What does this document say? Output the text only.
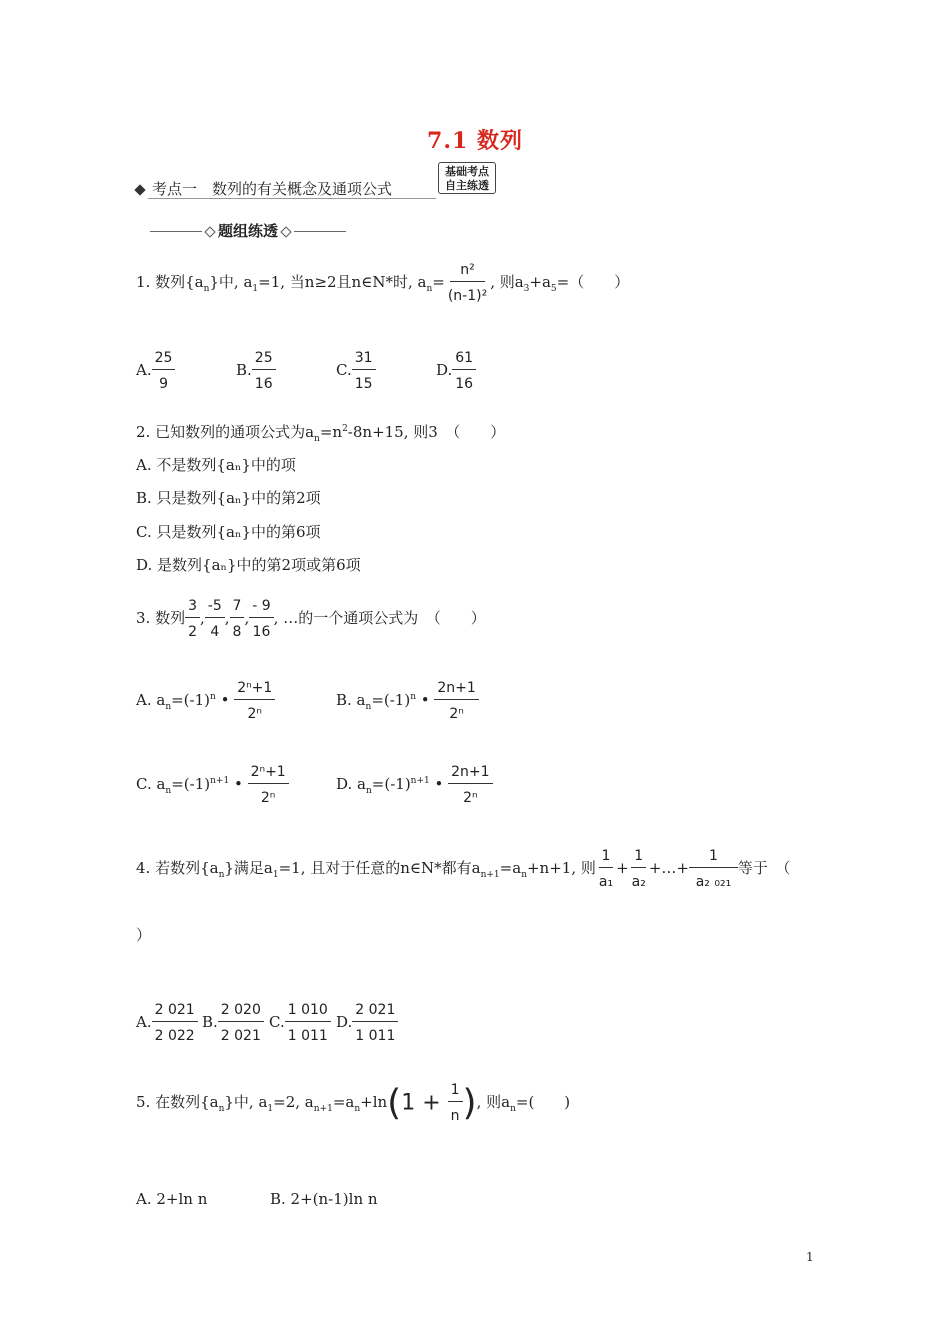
7.1 数列
考点一　数列的有关概念及通项公式
基础考点
自主练透
题组练透
1. 数列$\{a_n\}$中, $a_1=1$, 当n≥2且n∈N*时, $a_n= \frac{\text{n²}}{\text{(n-1)²}}$ , 则$a_3+a_5=$（　　）
A. $\frac{25}{9}$	B. $\frac{25}{16}$	C. $\frac{31}{15}$	D. $\frac{61}{16}$
2. 已知数列的通项公式为$a_n=n^2-8n+15$, 则3　（　　）
A. 不是数列{aₙ}中的项
B. 只是数列{aₙ}中的第2项
C. 只是数列{aₙ}中的第6项
D. 是数列{aₙ}中的第2项或第6项
3. 数列 $\frac{3}{2}$ , $\frac{-5}{4}$ , $\frac{7}{8}$ , $\frac{- 9}{16}$ , …的一个通项公式为　（　　）
A. $a_n=(-1)^n$ • $\frac{\text{2ⁿ+1}}{\text{2ⁿ}}$	B. $a_n=(-1)^n$ • $\frac{2n+1}{\text{2ⁿ}}$
C. $a_n=(-1)^{n+1}$ • $\frac{\text{2ⁿ+1}}{\text{2ⁿ}}$	D. $a_n=(-1)^{n+1}$ • $\frac{2n+1}{\text{2ⁿ}}$
4. 若数列$\{a_n\}$满足$a_1=1$, 且对于任意的n∈N*都有$a_{n+1}=a_n+n+1$, 则 $\frac{1}{\text{a₁}} + \frac{1}{\text{a₂}}$ +…+ $\frac{1}{\text{a₂ ₀₂₁}}$ 等于　（
）
A. $\frac{2 021}{2 022} B$. $\frac{2 020}{2 021} C$. $\frac{1 010}{1 011} D$. $\frac{2 021}{1 011}$
5. 在数列$\{a_n\}$中, $a_1=2$, $a_{n+1}=a_n+\ln(1 + \frac{1}{n}$ ), 则$a_n=$(　　)
A. 2+ln n	B. 2+(n-1)ln n
1
